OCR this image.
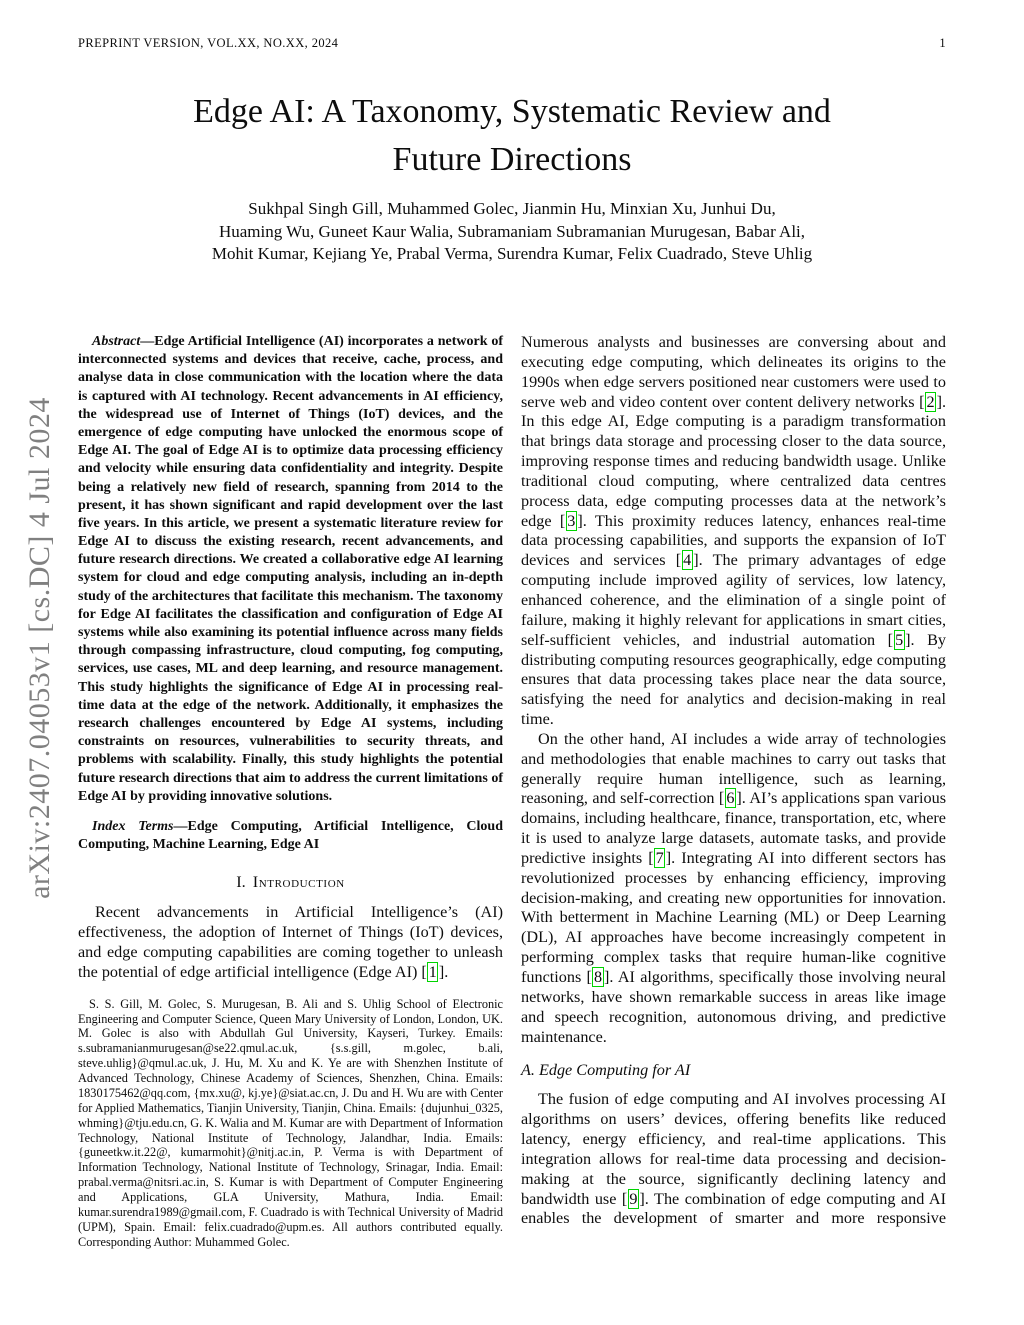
PREPRINT VERSION, VOL.XX, NO.XX, 2024	1
arXiv:2407.04053v1 [cs.DC] 4 Jul 2024
Edge AI: A Taxonomy, Systematic Review and
Future Directions
Sukhpal Singh Gill, Muhammed Golec, Jianmin Hu, Minxian Xu, Junhui Du,
Huaming Wu, Guneet Kaur Walia, Subramaniam Subramanian Murugesan, Babar Ali,
Mohit Kumar, Kejiang Ye, Prabal Verma, Surendra Kumar, Felix Cuadrado, Steve Uhlig

Abstract—Edge Artificial Intelligence (AI) incorporates a network of interconnected systems and devices that receive, cache, process, and analyse data in close communication with the location where the data is captured with AI technology. Recent advancements in AI efficiency, the widespread use of Internet of Things (IoT) devices, and the emergence of edge computing have unlocked the enormous scope of Edge AI. The goal of Edge AI is to optimize data processing efficiency and velocity while ensuring data confidentiality and integrity. Despite being a relatively new field of research, spanning from 2014 to the present, it has shown significant and rapid development over the last five years. In this article, we present a systematic literature review for Edge AI to discuss the existing research, recent advancements, and future research directions. We created a collaborative edge AI learning system for cloud and edge computing analysis, including an in-depth study of the architectures that facilitate this mechanism. The taxonomy for Edge AI facilitates the classification and configuration of Edge AI systems while also examining its potential influence across many fields through compassing infrastructure, cloud computing, fog computing, services, use cases, ML and deep learning, and resource management. This study highlights the significance of Edge AI in processing real-time data at the edge of the network. Additionally, it emphasizes the research challenges encountered by Edge AI systems, including constraints on resources, vulnerabilities to security threats, and problems with scalability. Finally, this study highlights the potential future research directions that aim to address the current limitations of Edge AI by providing innovative solutions.

Index Terms—Edge Computing, Artificial Intelligence, Cloud Computing, Machine Learning, Edge AI

I. Introduction

Recent advancements in Artificial Intelligence’s (AI) effectiveness, the adoption of Internet of Things (IoT) devices, and edge computing capabilities are coming together to unleash the potential of edge artificial intelligence (Edge AI) [ 1 ].

S. S. Gill, M. Golec, S. Murugesan, B. Ali and S. Uhlig School of Electronic Engineering and Computer Science, Queen Mary University of London, London, UK. M. Golec is also with Abdullah Gul University, Kayseri, Turkey. Emails: s.subramanianmurugesan@se22.qmul.ac.uk, {s.s.gill, m.golec, b.ali, steve.uhlig}@qmul.ac.uk, J. Hu, M. Xu and K. Ye are with Shenzhen Institute of Advanced Technology, Chinese Academy of Sciences, Shenzhen, China. Emails: 1830175462@qq.com, {mx.xu@, kj.ye}@siat.ac.cn, J. Du and H. Wu are with Center for Applied Mathematics, Tianjin University, Tianjin, China. Emails: {dujunhui_0325, whming}@tju.edu.cn, G. K. Walia and M. Kumar are with Department of Information Technology, National Institute of Technology, Jalandhar, India. Emails: {guneetkw.it.22@, kumarmohit}@nitj.ac.in, P. Verma is with Department of Information Technology, National Institute of Technology, Srinagar, India. Email: prabal.verma@nitsri.ac.in, S. Kumar is with Department of Computer Engineering and Applications, GLA University, Mathura, India. Email: kumar.surendra1989@gmail.com, F. Cuadrado is with Technical University of Madrid (UPM), Spain. Email: felix.cuadrado@upm.es. All authors contributed equally. Corresponding Author: Muhammed Golec.

Numerous analysts and businesses are conversing about and executing edge computing, which delineates its origins to the 1990s when edge servers positioned near customers were used to serve web and video content over content delivery networks [ 2 ]. In this edge AI, Edge computing is a paradigm transformation that brings data storage and processing closer to the data source, improving response times and reducing bandwidth usage. Unlike traditional cloud computing, where centralized data centres process data, edge computing processes data at the network’s edge [ 3 ]. This proximity reduces latency, enhances real-time data processing capabilities, and supports the expansion of IoT devices and services [ 4 ]. The primary advantages of edge computing include improved agility of services, low latency, enhanced coherence, and the elimination of a single point of failure, making it highly relevant for applications in smart cities, self-sufficient vehicles, and industrial automation [ 5 ]. By distributing computing resources geographically, edge computing ensures that data processing takes place near the data source, satisfying the need for analytics and decision-making in real time.

On the other hand, AI includes a wide array of technologies and methodologies that enable machines to carry out tasks that generally require human intelligence, such as learning, reasoning, and self-correction [ 6 ]. AI’s applications span various domains, including healthcare, finance, transportation, etc, where it is used to analyze large datasets, automate tasks, and provide predictive insights [ 7 ]. Integrating AI into different sectors has revolutionized processes by enhancing efficiency, improving decision-making, and creating new opportunities for innovation. With betterment in Machine Learning (ML) or Deep Learning (DL), AI approaches have become increasingly competent in performing complex tasks that require human-like cognitive functions [ 8 ]. AI algorithms, specifically those involving neural networks, have shown remarkable success in areas like image and speech recognition, autonomous driving, and predictive maintenance.

A. Edge Computing for AI

The fusion of edge computing and AI involves processing AI algorithms on users’ devices, offering benefits like reduced latency, energy efficiency, and real-time applications. This integration allows for real-time data processing and decision-making at the source, significantly declining latency and bandwidth use [ 9 ]. The combination of edge computing and AI enables the development of smarter and more responsive
